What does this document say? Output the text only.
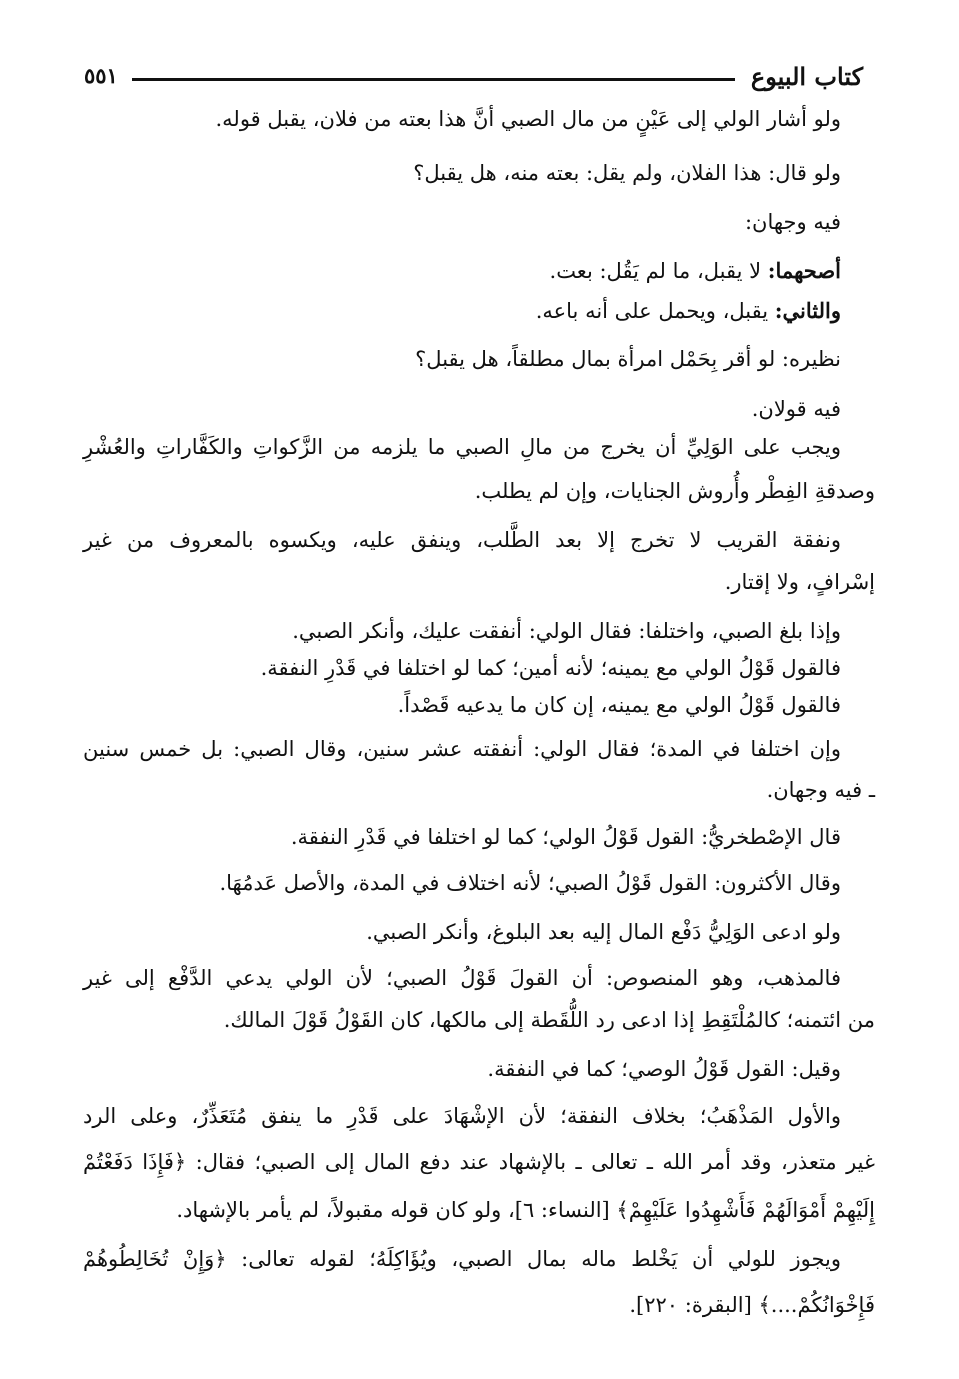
كتاب البيوع
٥٥١
ولو أشار الولي إلى عَيْنٍ من مال الصبي أنَّ هذا بعته من فلان، يقبل قوله.
ولو قال: هذا الفلان، ولم يقل: بعته منه، هل يقبل؟
فيه وجهان:
أصحهما: لا يقبل، ما لم يَقُل: بعت.
والثاني: يقبل، ويحمل على أنه باعه.
نظيره: لو أقر بِحَمْل امرأة بمال مطلقاً، هل يقبل؟
فيه قولان.
ويجب على الوَلِيِّ أن يخرج من مالِ الصبي ما يلزمه من الزَّكواتِ والكَفَّاراتِ والعُشْرِ
وصدقةِ الفِطْر وأُروش الجنايات، وإن لم يطلب.
ونفقة القريب لا تخرج إلا بعد الطَّلب، وينفق عليه، ويكسوه بالمعروف من غير
إسْرافٍ، ولا إقتار.
وإذا بلغ الصبي، واختلفا: فقال الولي: أنفقت عليك، وأنكر الصبي.
فالقول قَوْلُ الولي مع يمينه؛ لأنه أمين؛ كما لو اختلفا في قَدْرِ النفقة.
فالقول قَوْلُ الولي مع يمينه، إن كان ما يدعيه قَصْداً.
وإن اختلفا في المدة؛ فقال الولي: أنفقته عشر سنين، وقال الصبي: بل خمس سنين
ـ فيه وجهان.
قال الإصْطخريُّ: القول قَوْلُ الولي؛ كما لو اختلفا في قَدْرِ النفقة.
وقال الأكثرون: القول قَوْلُ الصبي؛ لأنه اختلاف في المدة، والأصل عَدمُهَا.
ولو ادعى الوَلِيُّ دَفْع المال إليه بعد البلوغ، وأنكر الصبي.
فالمذهب، وهو المنصوص: أن القولَ قَوْلُ الصبي؛ لأن الولي يدعي الدَّفْع إلى غير
من ائتمنه؛ كالمُلْتَقِطِ إذا ادعى رد اللُّقَطة إلى مالكها، كان القَوْلُ قَوْلَ المالك.
وقيل: القول قَوْلُ الوصي؛ كما في النفقة.
والأول المَذْهَبُ؛ بخلاف النفقة؛ لأن الإشْهَادَ على قَدْرِ ما ينفق مُتَعَذِّرٌ، وعلى الرد
غير متعذر، وقد أمر الله ـ تعالى ـ بالإشهاد عند دفع المال إلى الصبي؛ فقال: ﴿فَإِذَا دَفَعْتُمْ
إِلَيْهِمْ أَمْوَالَهُمْ فَأَشْهِدُوا عَلَيْهِمْ﴾ [النساء: ٦]، ولو كان قوله مقبولاً، لم يأمر بالإشهاد.
ويجوز للولي أن يَخْلط ماله بمال الصبي، ويُؤَاكِلَهُ؛ لقوله تعالى: ﴿وَإِنْ تُخَالِطُوهُمْ
فَإِخْوَانُكُمْ....﴾ [البقرة: ٢٢٠].
